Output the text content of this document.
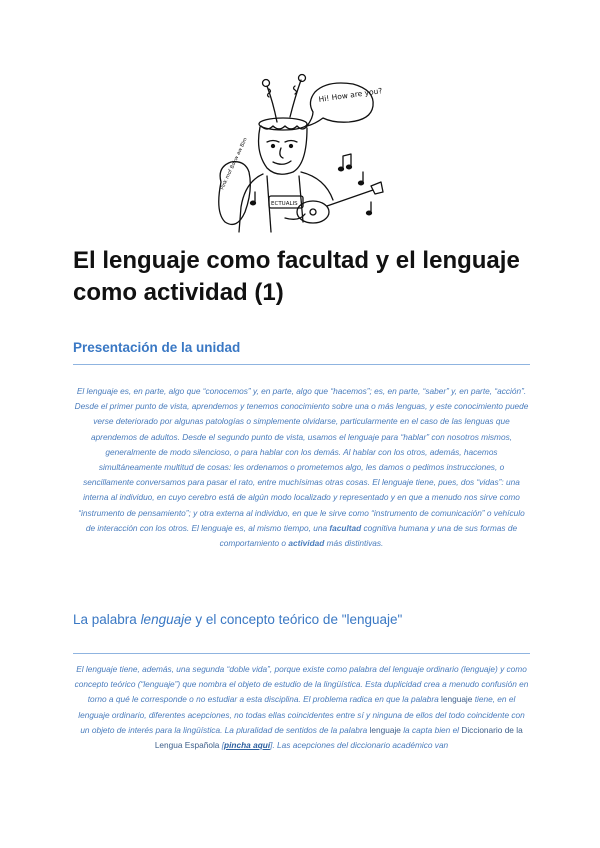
Hi! How are you?
Pink mof Bokw aw Bim
ECTUALIS
El lenguaje como facultad y el lenguaje como actividad (1)
Presentación de la unidad

El lenguaje es, en parte, algo que “conocemos” y, en parte, algo que “hacemos”; es, en parte, “saber” y, en parte, “acción”. Desde el primer punto de vista, aprendemos y tenemos conocimiento sobre una o más lenguas, y este conocimiento puede verse deteriorado por algunas patologías o simplemente olvidarse, particularmente en el caso de las lenguas que aprendemos de adultos. Desde el segundo punto de vista, usamos el lenguaje para “hablar” con nosotros mismos, generalmente de modo silencioso, o para hablar con los demás. Al hablar con los otros, además, hacemos simultáneamente multitud de cosas: les ordenamos o prometemos algo, les damos o pedimos instrucciones, o sencillamente conversamos para pasar el rato, entre muchísimas otras cosas. El lenguaje tiene, pues, dos “vidas”: una interna al individuo, en cuyo cerebro está de algún modo localizado y representado y en que a menudo nos sirve como “instrumento de pensamiento”; y otra externa al individuo, en que le sirve como “instrumento de comunicación” o vehículo de interacción con los otros. El lenguaje es, al mismo tiempo, una facultad cognitiva humana y una de sus formas de comportamiento o actividad más distintivas.

La palabra lenguaje y el concepto teórico de "lenguaje"

El lenguaje tiene, además, una segunda “doble vida”, porque existe como palabra del lenguaje ordinario (lenguaje) y como concepto teórico (“lenguaje”) que nombra el objeto de estudio de la lingüística. Esta duplicidad crea a menudo confusión en torno a qué le corresponde o no estudiar a esta disciplina. El problema radica en que la palabra lenguaje tiene, en el lenguaje ordinario, diferentes acepciones, no todas ellas coincidentes entre sí y ninguna de ellos del todo coincidente con un objeto de interés para la lingüística. La pluralidad de sentidos de la palabra lenguaje la capta bien el Diccionario de la Lengua Española [pincha aquí]. Las acepciones del diccionario académico van
